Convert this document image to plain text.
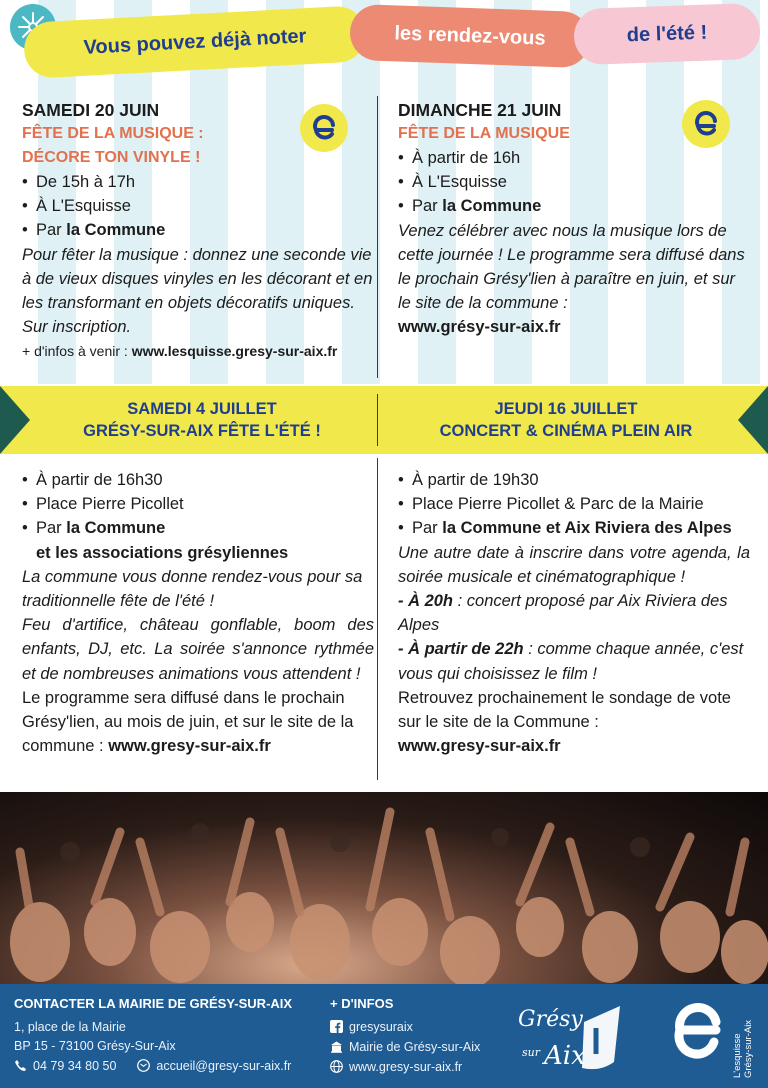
Vous pouvez déjà noter	les rendez-vous	de l'été !
SAMEDI 20 JUIN
FÊTE DE LA MUSIQUE :
DÉCORE TON VINYLE !
• De 15h à 17h
• À L'Esquisse
• Par la Commune
Pour fêter la musique : donnez une seconde vie à de vieux disques vinyles en les décorant et en les transformant en objets décoratifs uniques. Sur inscription.
+ d'infos à venir : www.lesquisse.gresy-sur-aix.fr
DIMANCHE 21 JUIN
FÊTE DE LA MUSIQUE
• À partir de 16h
• À L'Esquisse
• Par la Commune
Venez célébrer avec nous la musique lors de cette journée ! Le programme sera diffusé dans le prochain Grésy'lien à paraître en juin, et sur le site de la commune :
www.grésy-sur-aix.fr
SAMEDI 4 JUILLET
GRÉSY-SUR-AIX FÊTE L'ÉTÉ !
JEUDI 16 JUILLET
CONCERT & CINÉMA PLEIN AIR
• À partir de 16h30
• Place Pierre Picollet
• Par la Commune
et les associations grésyliennes
La commune vous donne rendez-vous pour sa traditionnelle fête de l'été !
Feu d'artifice, château gonflable, boom des enfants, DJ, etc. La soirée s'annonce rythmée et de nombreuses animations vous attendent !
Le programme sera diffusé dans le prochain Grésy'lien, au mois de juin, et sur le site de la commune : www.gresy-sur-aix.fr
• À partir de 19h30
• Place Pierre Picollet & Parc de la Mairie
• Par la Commune et Aix Riviera des Alpes
Une autre date à inscrire dans votre agenda, la soirée musicale et cinématographique !
- À 20h : concert proposé par Aix Riviera des Alpes
- À partir de 22h : comme chaque année, c'est vous qui choisissez le film !
Retrouvez prochainement le sondage de vote sur le site de la Commune :
www.gresy-sur-aix.fr
CONTACTER LA MAIRIE DE GRÉSY-SUR-AIX
1, place de la Mairie
BP 15 - 73100 Grésy-Sur-Aix
04 79 34 80 50	accueil@gresy-sur-aix.fr
+ D'INFOS
gresysuraix
Mairie de Grésy-sur-Aix
www.gresy-sur-aix.fr
Grésy
sur Aix	L'esquisse
Grésy-sur-Aix
